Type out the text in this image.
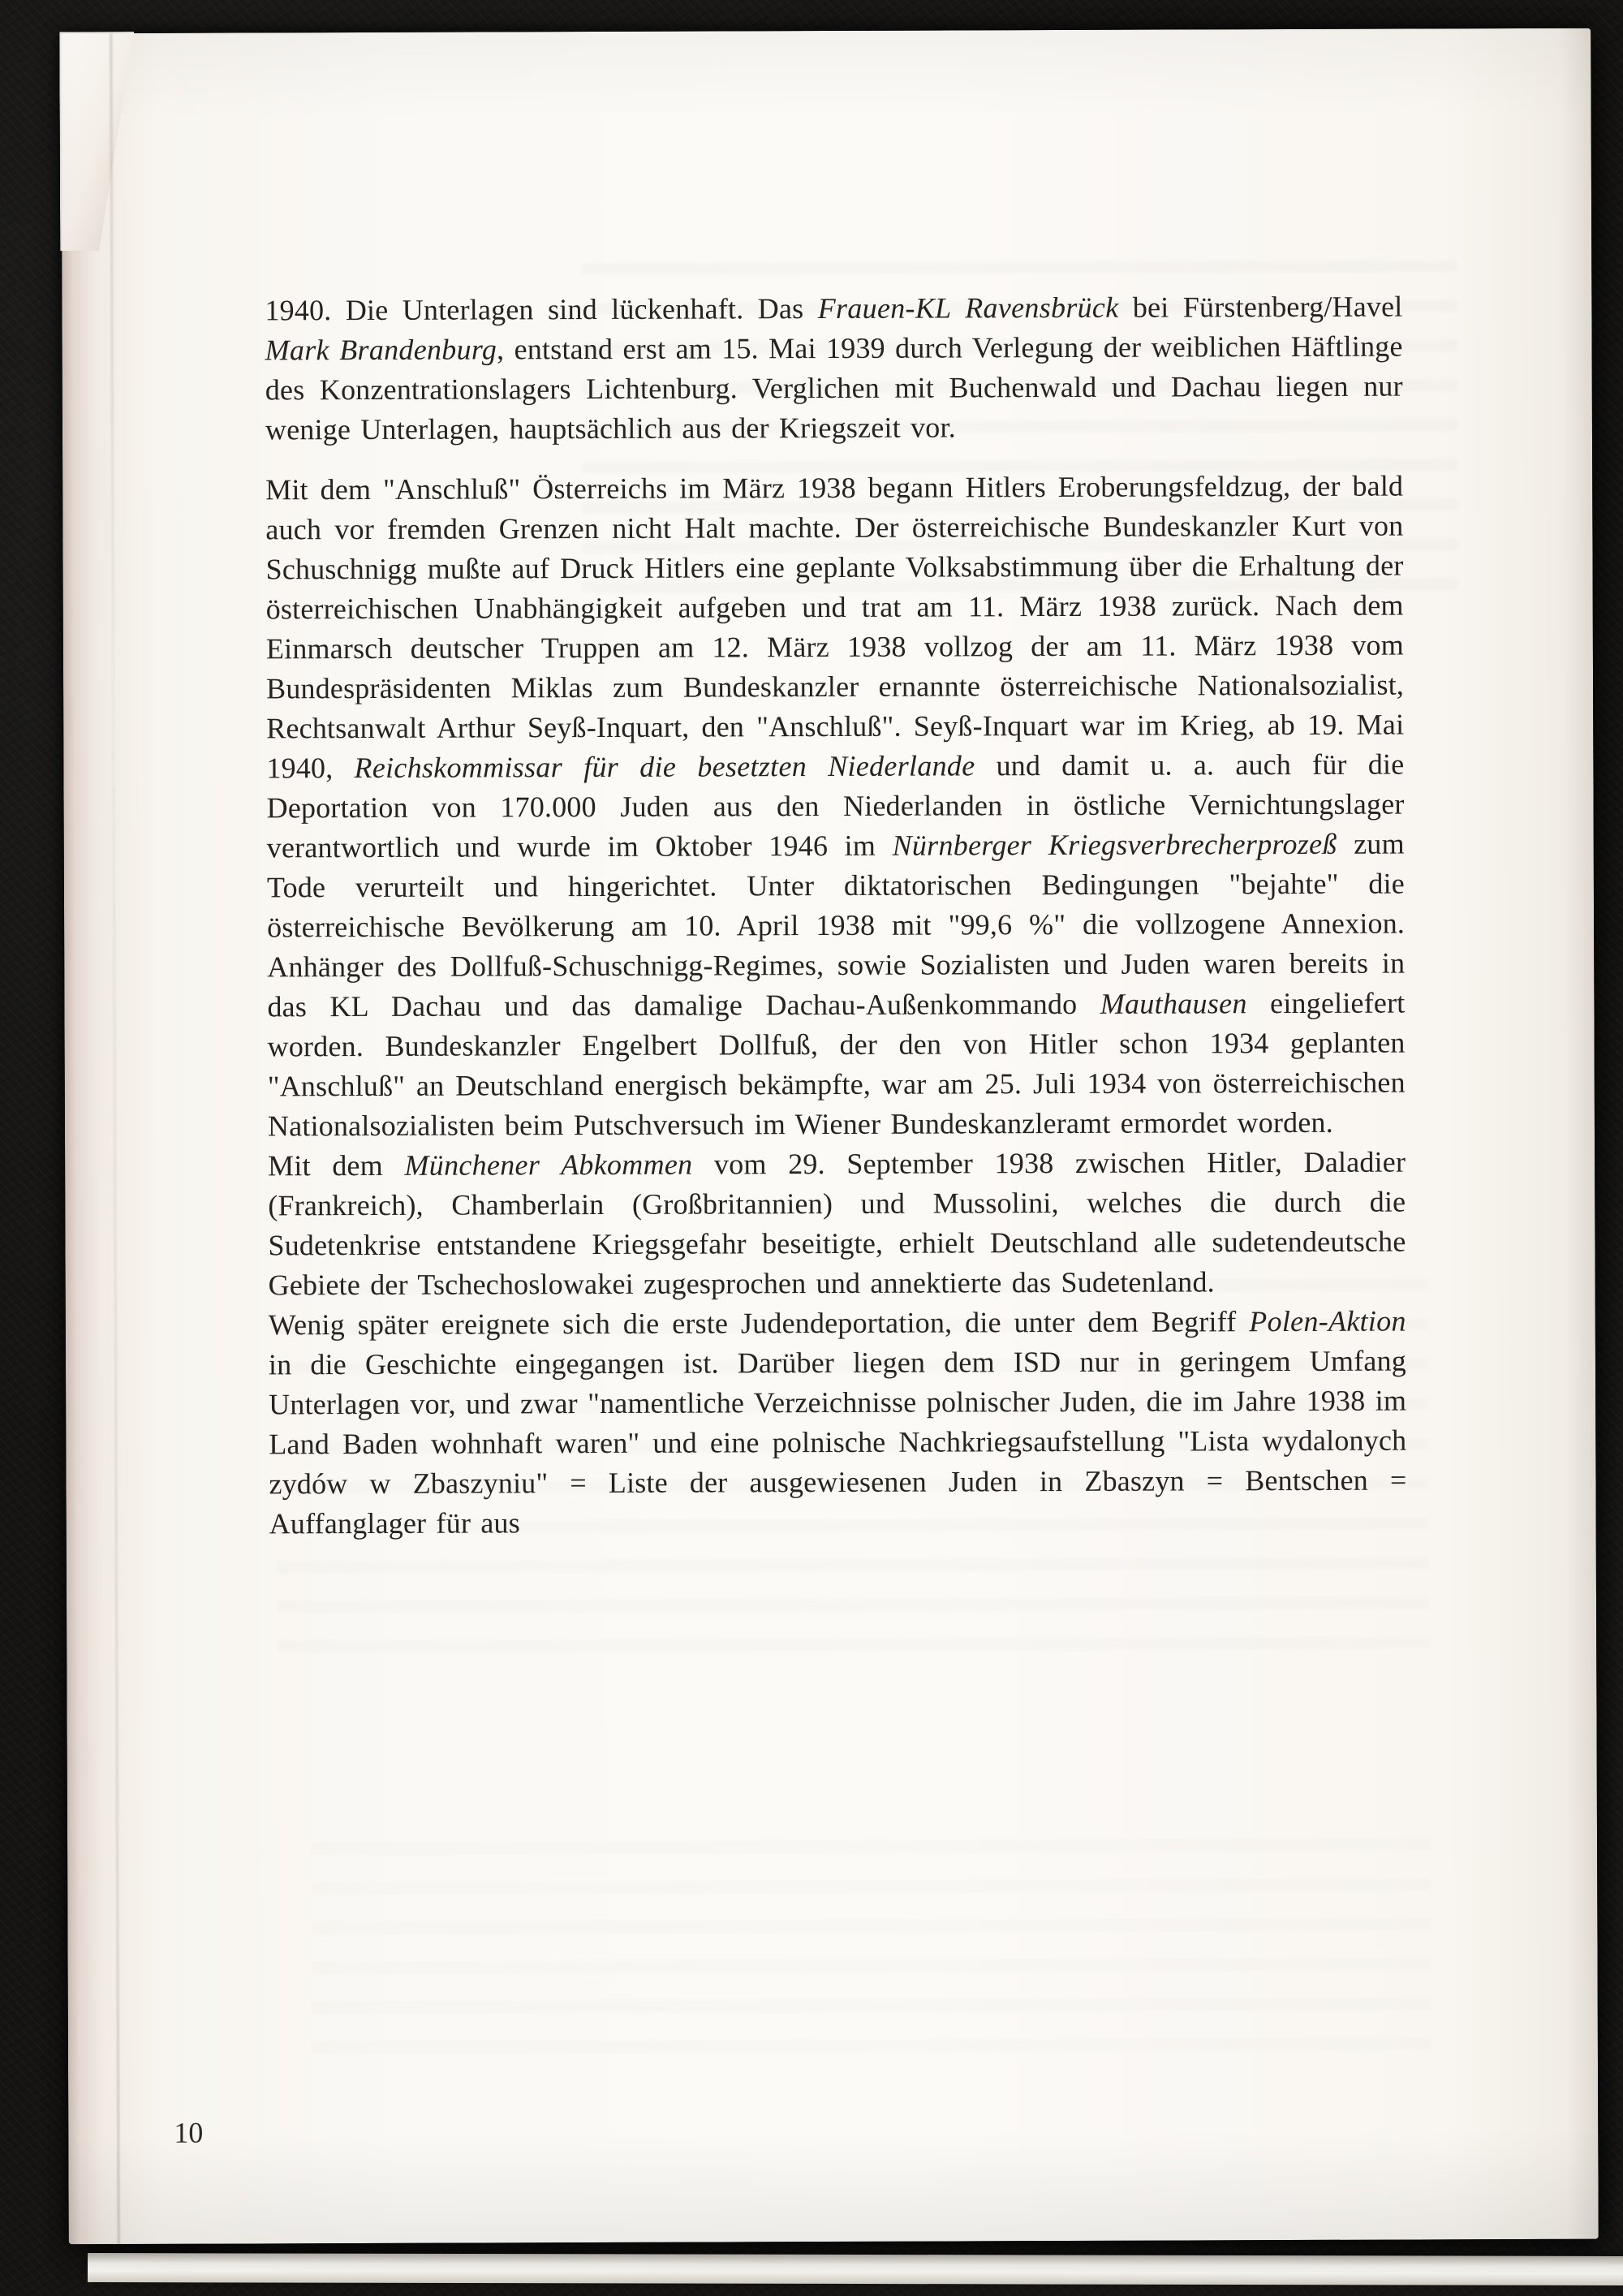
1940. Die Unterlagen sind lückenhaft. Das Frauen-KL Ravensbrück bei Fürstenberg/Havel Mark Brandenburg, entstand erst am 15. Mai 1939 durch Verlegung der weiblichen Häftlinge des Konzentrationslagers Lichtenburg. Verglichen mit Buchenwald und Dachau liegen nur wenige Unterlagen, hauptsächlich aus der Kriegszeit vor.

Mit dem "Anschluß" Österreichs im März 1938 begann Hitlers Eroberungsfeldzug, der bald auch vor fremden Grenzen nicht Halt machte. Der österreichische Bundeskanzler Kurt von Schuschnigg mußte auf Druck Hitlers eine geplante Volksabstimmung über die Erhaltung der österreichischen Unabhängigkeit aufgeben und trat am 11. März 1938 zurück. Nach dem Einmarsch deutscher Truppen am 12. März 1938 vollzog der am 11. März 1938 vom Bundespräsidenten Miklas zum Bundeskanzler ernannte österreichische Nationalsozialist, Rechtsanwalt Arthur Seyß-Inquart, den "Anschluß". Seyß-Inquart war im Krieg, ab 19. Mai 1940, Reichskommissar für die besetzten Niederlande und damit u. a. auch für die Deportation von 170.000 Juden aus den Niederlanden in östliche Vernichtungslager verantwortlich und wurde im Oktober 1946 im Nürnberger Kriegsverbrecherprozeß zum Tode verurteilt und hingerichtet. Unter diktatorischen Bedingungen "bejahte" die österreichische Bevölkerung am 10. April 1938 mit "99,6 %" die vollzogene Annexion. Anhänger des Dollfuß-Schuschnigg-Regimes, sowie Sozialisten und Juden waren bereits in das KL Dachau und das damalige Dachau-Außenkommando Mauthausen eingeliefert worden. Bundeskanzler Engelbert Dollfuß, der den von Hitler schon 1934 geplanten "Anschluß" an Deutschland energisch bekämpfte, war am 25. Juli 1934 von österreichischen Nationalsozialisten beim Putschversuch im Wiener Bundeskanzleramt ermordet worden.

Mit dem Münchener Abkommen vom 29. September 1938 zwischen Hitler, Daladier (Frankreich), Chamberlain (Großbritannien) und Mussolini, welches die durch die Sudetenkrise entstandene Kriegsgefahr beseitigte, erhielt Deutschland alle sudetendeutsche Gebiete der Tschechoslowakei zugesprochen und annektierte das Sudetenland.

Wenig später ereignete sich die erste Judendeportation, die unter dem Begriff Polen-Aktion in die Geschichte eingegangen ist. Darüber liegen dem ISD nur in geringem Umfang Unterlagen vor, und zwar "namentliche Verzeichnisse polnischer Juden, die im Jahre 1938 im Land Baden wohnhaft waren" und eine polnische Nachkriegsaufstellung "Lista wydalonych zydów w Zbaszyniu" = Liste der ausgewiesenen Juden in Zbaszyn = Bentschen = Auffanglager für aus

10
